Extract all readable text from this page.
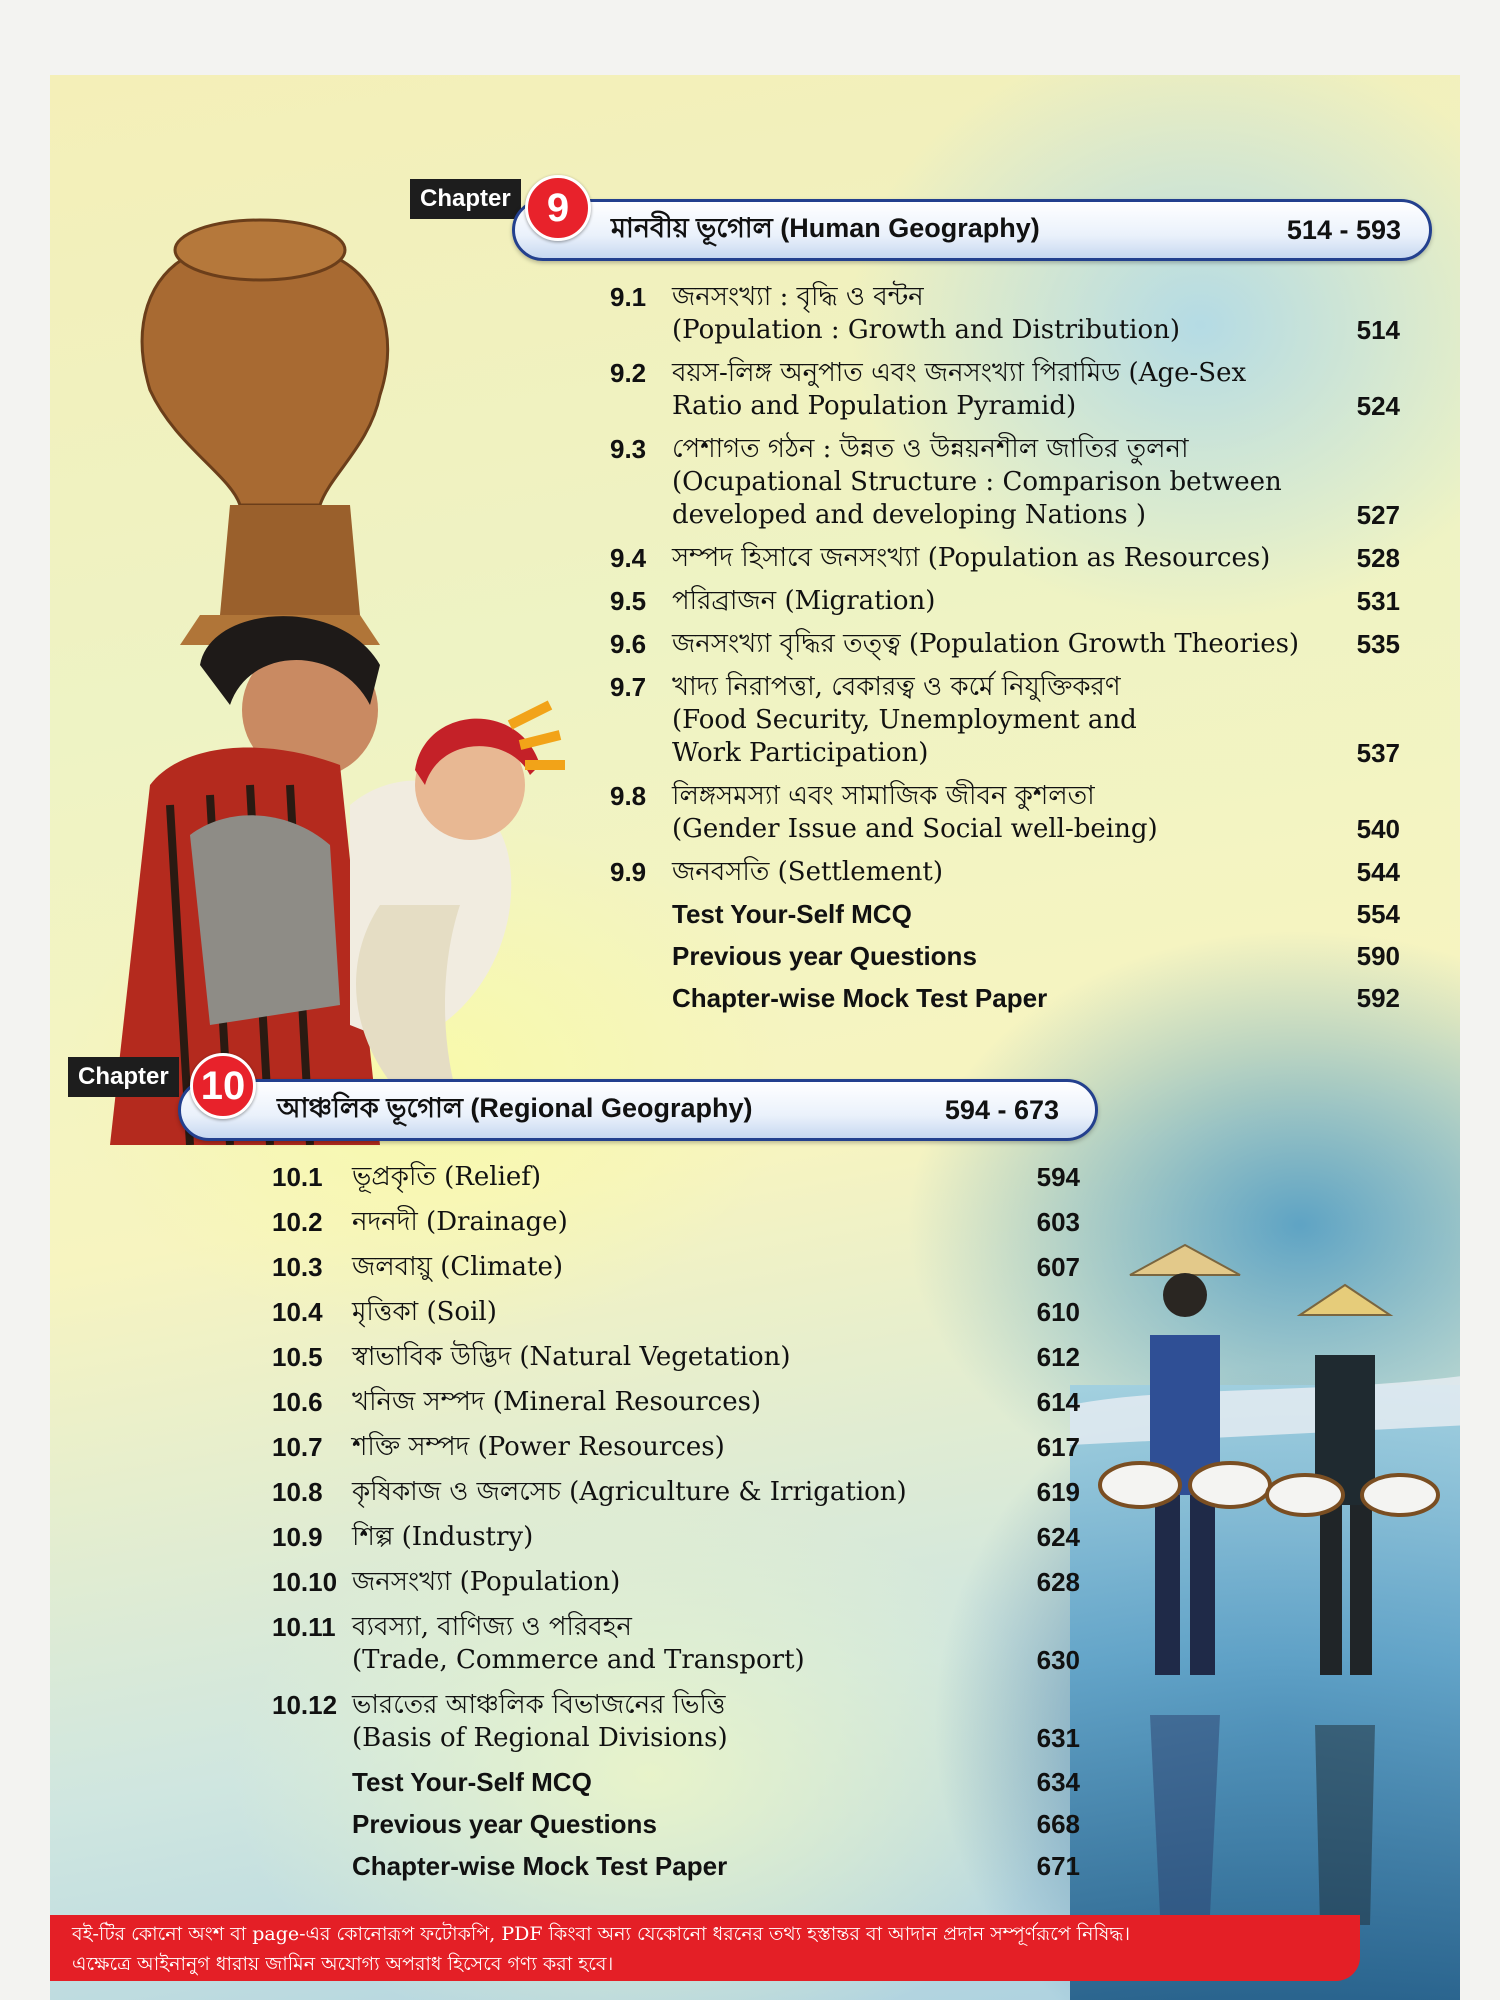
Chapter
মানবীয় ভূগোল (Human Geography)	514 - 593
9
9.1 জনসংখ্যা : বৃদ্ধি ও বন্টন
(Population : Growth and Distribution)	514
9.2 বয়স-লিঙ্গ অনুপাত এবং জনসংখ্যা পিরামিড (Age-Sex
Ratio and Population Pyramid)	524
9.3 পেশাগত গঠন : উন্নত ও উন্নয়নশীল জাতির তুলনা
(Ocupational Structure : Comparison between
developed and developing Nations )	527
9.4 সম্পদ হিসাবে জনসংখ্যা (Population as Resources)	528
9.5 পরিব্রাজন (Migration)	531
9.6 জনসংখ্যা বৃদ্ধির তত্ত্ব (Population Growth Theories)	535
9.7 খাদ্য নিরাপত্তা, বেকারত্ব ও কর্মে নিযুক্তিকরণ
(Food Security, Unemployment and
Work Participation)	537
9.8 লিঙ্গসমস্যা এবং সামাজিক জীবন কুশলতা
(Gender Issue and Social well-being)	540
9.9 জনবসতি (Settlement)	544
Test Your-Self MCQ	554
Previous year Questions	590
Chapter-wise Mock Test Paper	592
Chapter
আঞ্চলিক ভূগোল (Regional Geography)	594 - 673
10
10.1 ভূপ্রকৃতি (Relief)	594
10.2 নদনদী (Drainage)	603
10.3 জলবায়ু (Climate)	607
10.4 মৃত্তিকা (Soil)	610
10.5 স্বাভাবিক উদ্ভিদ (Natural Vegetation)	612
10.6 খনিজ সম্পদ (Mineral Resources)	614
10.7 শক্তি সম্পদ (Power Resources)	617
10.8 কৃষিকাজ ও জলসেচ (Agriculture & Irrigation)	619
10.9 শিল্প (Industry)	624
10.10 জনসংখ্যা (Population)	628
10.11 ব্যবস্যা, বাণিজ্য ও পরিবহন
(Trade, Commerce and Transport)	630
10.12 ভারতের আঞ্চলিক বিভাজনের ভিত্তি
(Basis of Regional Divisions)	631
Test Your-Self MCQ	634
Previous year Questions	668
Chapter-wise Mock Test Paper	671
বই-টির কোনো অংশ বা page-এর কোনোরূপ ফটোকপি, PDF কিংবা অন্য যেকোনো ধরনের তথ্য হস্তান্তর বা আদান প্রদান সম্পূর্ণরূপে নিষিদ্ধ।
এক্ষেত্রে আইনানুগ ধারায় জামিন অযোগ্য অপরাধ হিসেবে গণ্য করা হবে।
